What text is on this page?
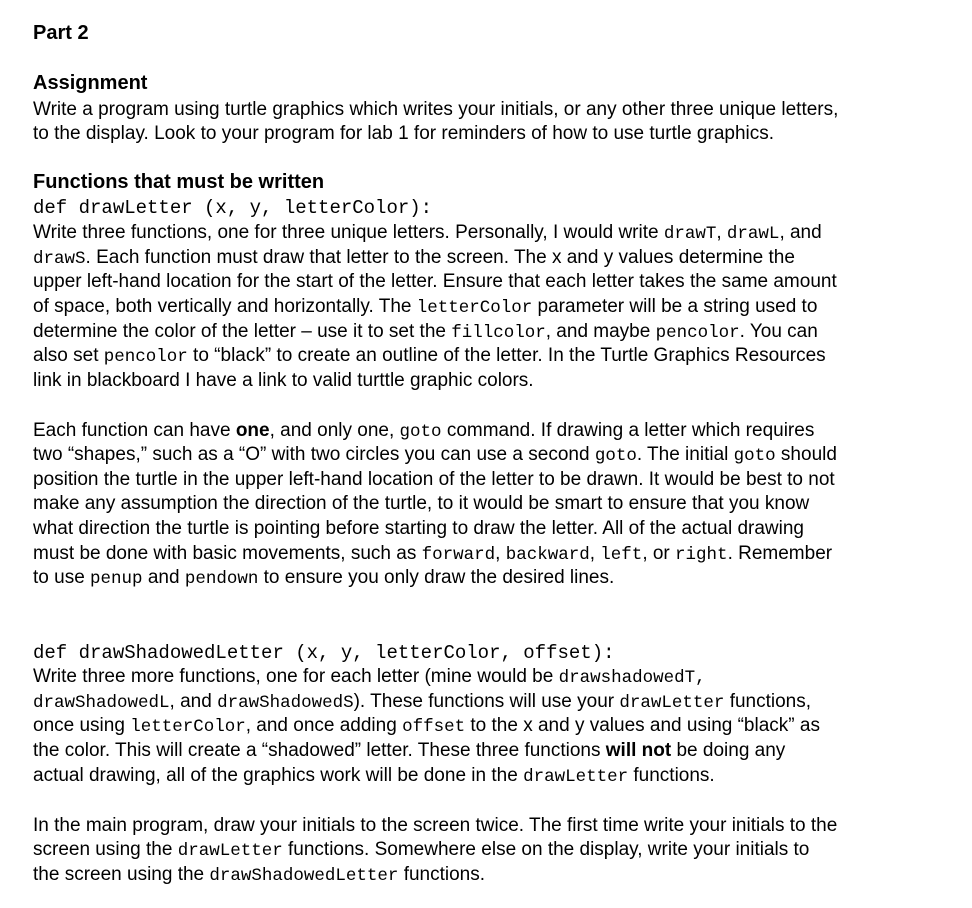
Part 2
Assignment
Write a program using turtle graphics which writes your initials, or any other three unique letters,
to the display. Look to your program for lab 1 for reminders of how to use turtle graphics.
Functions that must be written
def drawLetter (x, y, letterColor):
Write three functions, one for three unique letters. Personally, I would write drawT, drawL, and
drawS. Each function must draw that letter to the screen. The x and y values determine the
upper left-hand location for the start of the letter. Ensure that each letter takes the same amount
of space, both vertically and horizontally. The letterColor parameter will be a string used to
determine the color of the letter – use it to set the fillcolor, and maybe pencolor. You can
also set pencolor to “black” to create an outline of the letter. In the Turtle Graphics Resources
link in blackboard I have a link to valid turttle graphic colors.
Each function can have one, and only one, goto command. If drawing a letter which requires
two “shapes,” such as a “O” with two circles you can use a second goto. The initial goto should
position the turtle in the upper left-hand location of the letter to be drawn. It would be best to not
make any assumption the direction of the turtle, to it would be smart to ensure that you know
what direction the turtle is pointing before starting to draw the letter. All of the actual drawing
must be done with basic movements, such as forward, backward, left, or right. Remember
to use penup and pendown to ensure you only draw the desired lines.
def drawShadowedLetter (x, y, letterColor, offset):
Write three more functions, one for each letter (mine would be drawshadowedT,
drawShadowedL, and drawShadowedS). These functions will use your drawLetter functions,
once using letterColor, and once adding offset to the x and y values and using “black” as
the color. This will create a “shadowed” letter. These three functions will not be doing any
actual drawing, all of the graphics work will be done in the drawLetter functions.
In the main program, draw your initials to the screen twice. The first time write your initials to the
screen using the drawLetter functions. Somewhere else on the display, write your initials to
the screen using the drawShadowedLetter functions.
